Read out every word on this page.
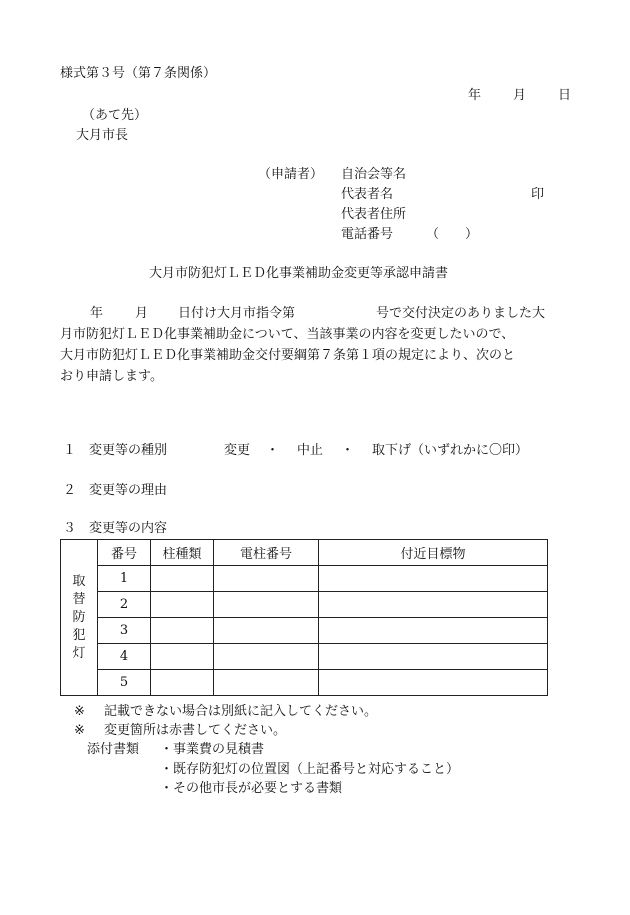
様式第３号（第７条関係）
年 月 日
（あて先）
大月市長
（申請者） 自治会等名
代表者名	印
代表者住所
電話番号	（　　）
大月市防犯灯ＬＥＤ化事業補助金変更等承認申請書
年 月 日付け大月市指令第	号で交付決定のありました大
月市防犯灯ＬＥＤ化事業補助金について、当該事業の内容を変更したいので、
大月市防犯灯ＬＥＤ化事業補助金交付要綱第７条第１項の規定により、次のと
おり申請します。
１　変更等の種別	変更 ・ 中止 ・ 取下げ（いずれかに〇印）
２　変更等の理由
３　変更等の内容
取
替
防
犯
灯	番号	柱種類	電柱番号	付近目標物
	1			
	2			
	3			
	4			
	5			
※ 記載できない場合は別紙に記入してください。
※ 変更箇所は赤書してください。
添付書類 ・事業費の見積書
・既存防犯灯の位置図（上記番号と対応すること）
・その他市長が必要とする書類
